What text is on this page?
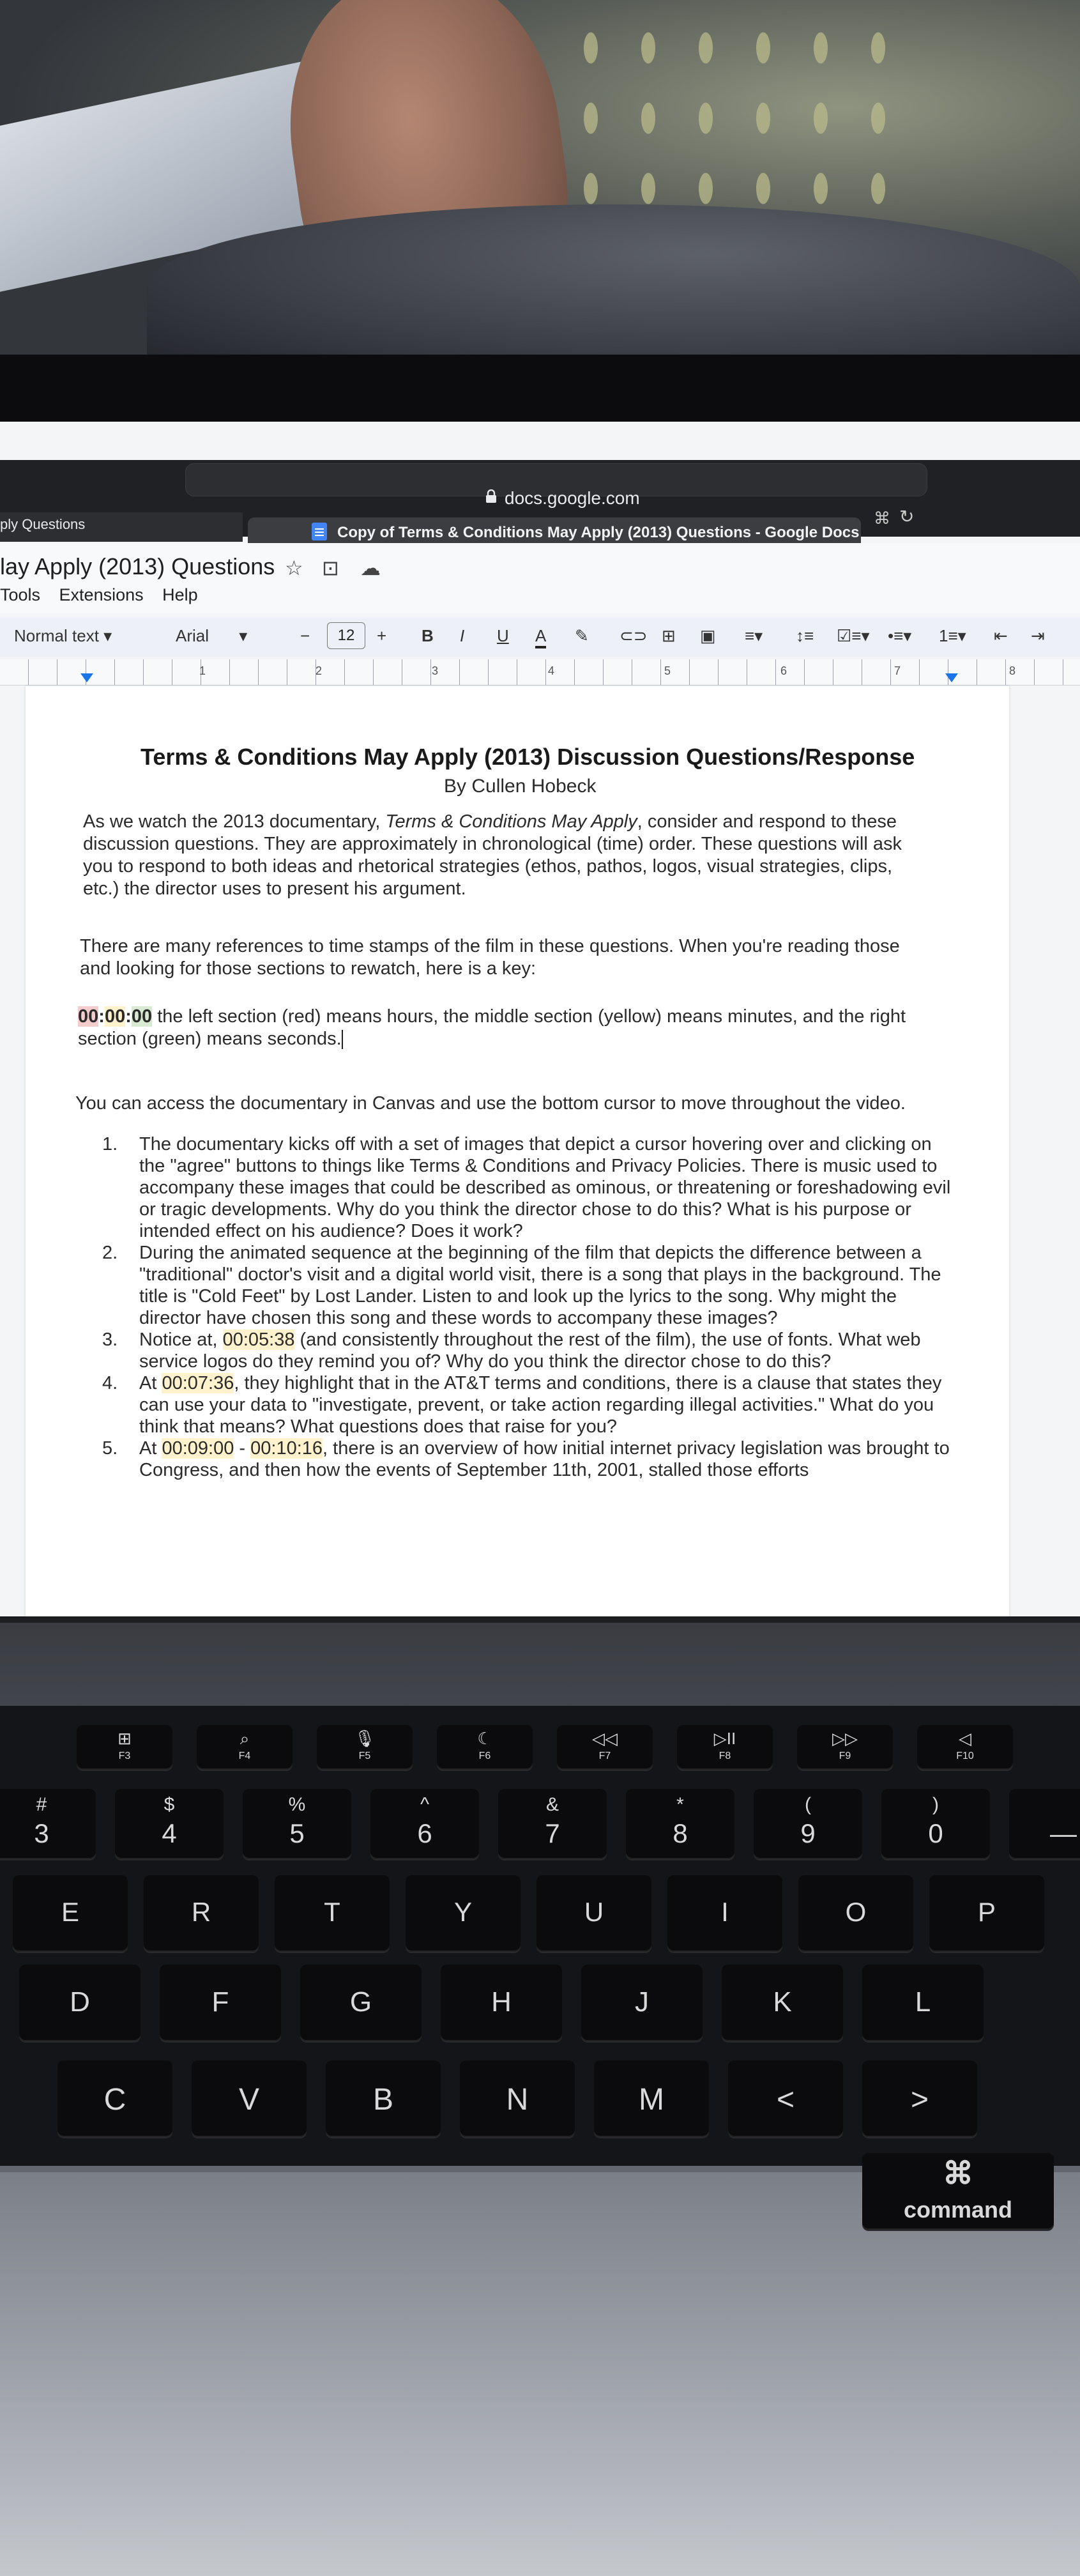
docs.google.com
⌘ ↻
ply Questions	Copy of Terms & Conditions May Apply (2013) Questions - Google Docs
lay Apply (2013) Questions ☆ ⊡ ☁
Tools Extensions Help
Normal text ▾	Arial ▾	−	12	+ B I U A ✎ ⊂⊃ ⊞ ▣ ≡▾ ↕≡ ☑≡▾ •≡▾ 1≡▾ ⇤ ⇥
1	2	3	4	5	6	7	8
Terms & Conditions May Apply (2013) Discussion Questions/Response
By Cullen Hobeck
As we watch the 2013 documentary, Terms & Conditions May Apply, consider and respond to these discussion questions. They are approximately in chronological (time) order. These questions will ask you to respond to both ideas and rhetorical strategies (ethos, pathos, logos, visual strategies, clips, etc.) the director uses to present his argument.
There are many references to time stamps of the film in these questions. When you're reading those and looking for those sections to rewatch, here is a key:
00:00:00 the left section (red) means hours, the middle section (yellow) means minutes, and the right section (green) means seconds.
You can access the documentary in Canvas and use the bottom cursor to move throughout the video.
1. The documentary kicks off with a set of images that depict a cursor hovering over and clicking on the "agree" buttons to things like Terms & Conditions and Privacy Policies. There is music used to accompany these images that could be described as ominous, or threatening or foreshadowing evil or tragic developments. Why do you think the director chose to do this? What is his purpose or intended effect on his audience? Does it work?
2. During the animated sequence at the beginning of the film that depicts the difference between a "traditional" doctor's visit and a digital world visit, there is a song that plays in the background. The title is "Cold Feet" by Lost Lander. Listen to and look up the lyrics to the song. Why might the director have chosen this song and these words to accompany these images?
3. Notice at, 00:05:38 (and consistently throughout the rest of the film), the use of fonts. What web service logos do they remind you of? Why do you think the director chose to do this?
4. At 00:07:36, they highlight that in the AT&T terms and conditions, there is a clause that states they can use your data to "investigate, prevent, or take action regarding illegal activities." What do you think that means? What questions does that raise for you?
5. At 00:09:00 - 00:10:16, there is an overview of how initial internet privacy legislation was brought to Congress, and then how the events of September 11th, 2001, stalled those efforts
⊞
F3
⌕
F4
🎙
F5
☾
F6
◁◁
F7
▷II
F8
▷▷
F9
◁
F10
#
3
$
4
%
5
^
6
&
7
*
8
(
9
)
0	—
E	R	T	Y	U	I	O	P
D	F	G	H	J	K	L
C	V	B	N	M	<	>
⌘
command
